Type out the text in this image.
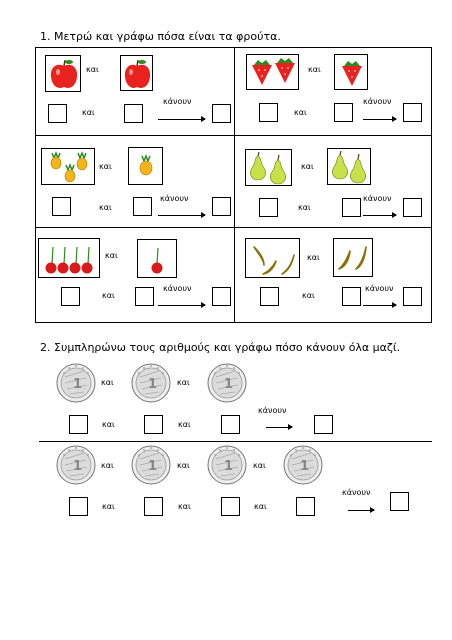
1. Μετρώ και γράφω πόσα είναι τα φρούτα.
και
και
κάνουν
και
και
κάνουν
και
και
κάνουν
και
και
κάνουν
και
και
κάνουν
και
και
κάνουν
2. Συμπληρώνω τους αριθμούς και γράφω πόσο κάνουν όλα μαζί.
και	και
και	και
κάνουν
και	και	και
και	και	και
κάνουν
